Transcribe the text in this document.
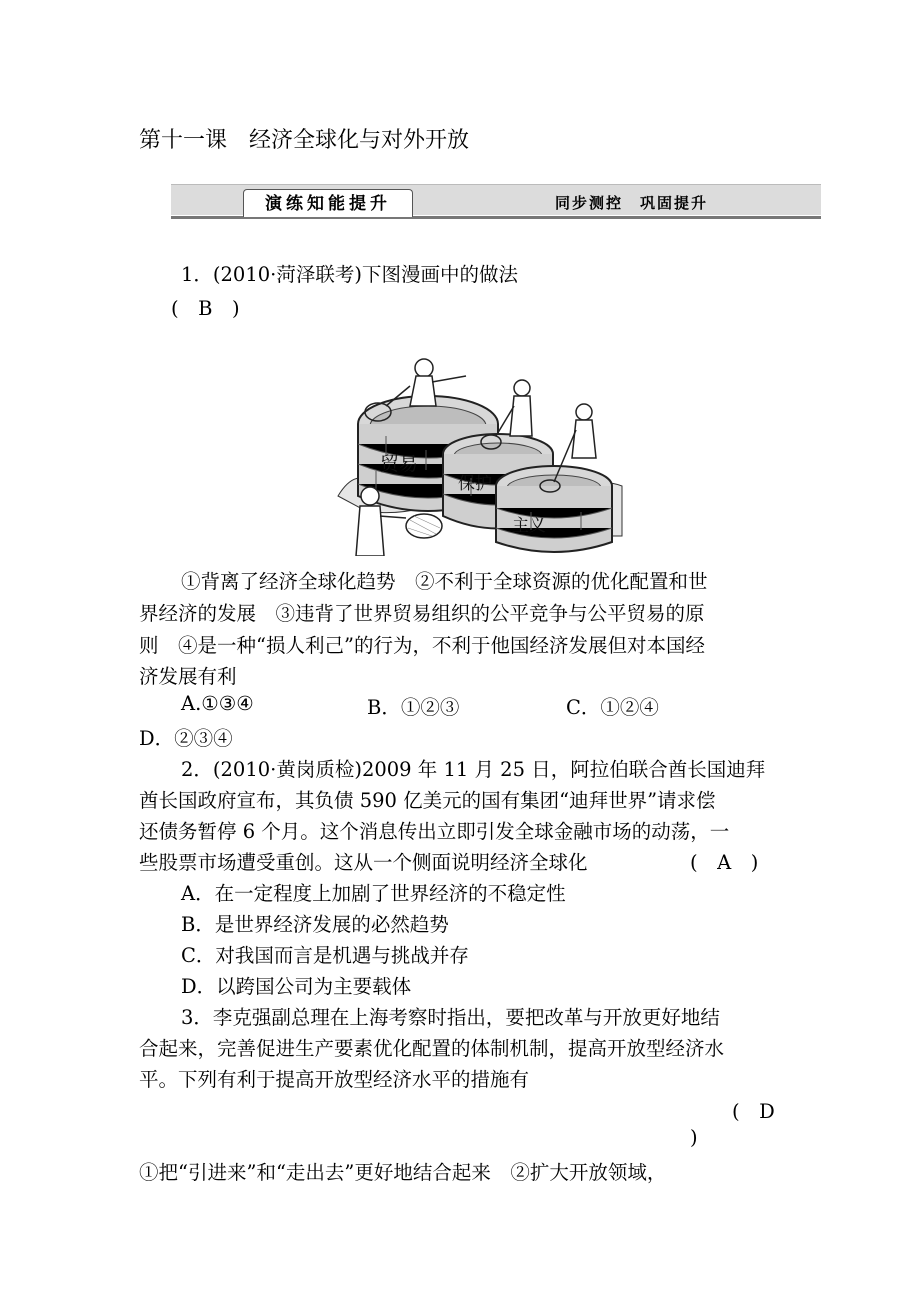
第十一课　经济全球化与对外开放
演练知能提升	同步测控　巩固提升
1．(2010·菏泽联考)下图漫画中的做法
(　B　)
贸易
保护
主义
①背离了经济全球化趋势　②不利于全球资源的优化配置和世
界经济的发展　③违背了世界贸易组织的公平竞争与公平贸易的原
则　④是一种“损人利己”的行为，不利于他国经济发展但对本国经
济发展有利
A.①③④	B．①②③	C．①②④
D．②③④
2．(2010·黄岗质检)2009 年 11 月 25 日，阿拉伯联合酋长国迪拜
酋长国政府宣布，其负债 590 亿美元的国有集团“迪拜世界”请求偿
还债务暂停 6 个月。这个消息传出立即引发全球金融市场的动荡，一
些股票市场遭受重创。这从一个侧面说明经济全球化	(　A　)
A．在一定程度上加剧了世界经济的不稳定性
B．是世界经济发展的必然趋势
C．对我国而言是机遇与挑战并存
D．以跨国公司为主要载体
3．李克强副总理在上海考察时指出，要把改革与开放更好地结
合起来，完善促进生产要素优化配置的体制机制，提高开放型经济水
平。下列有利于提高开放型经济水平的措施有
(　D
)
①把“引进来”和“走出去”更好地结合起来　②扩大开放领域，
